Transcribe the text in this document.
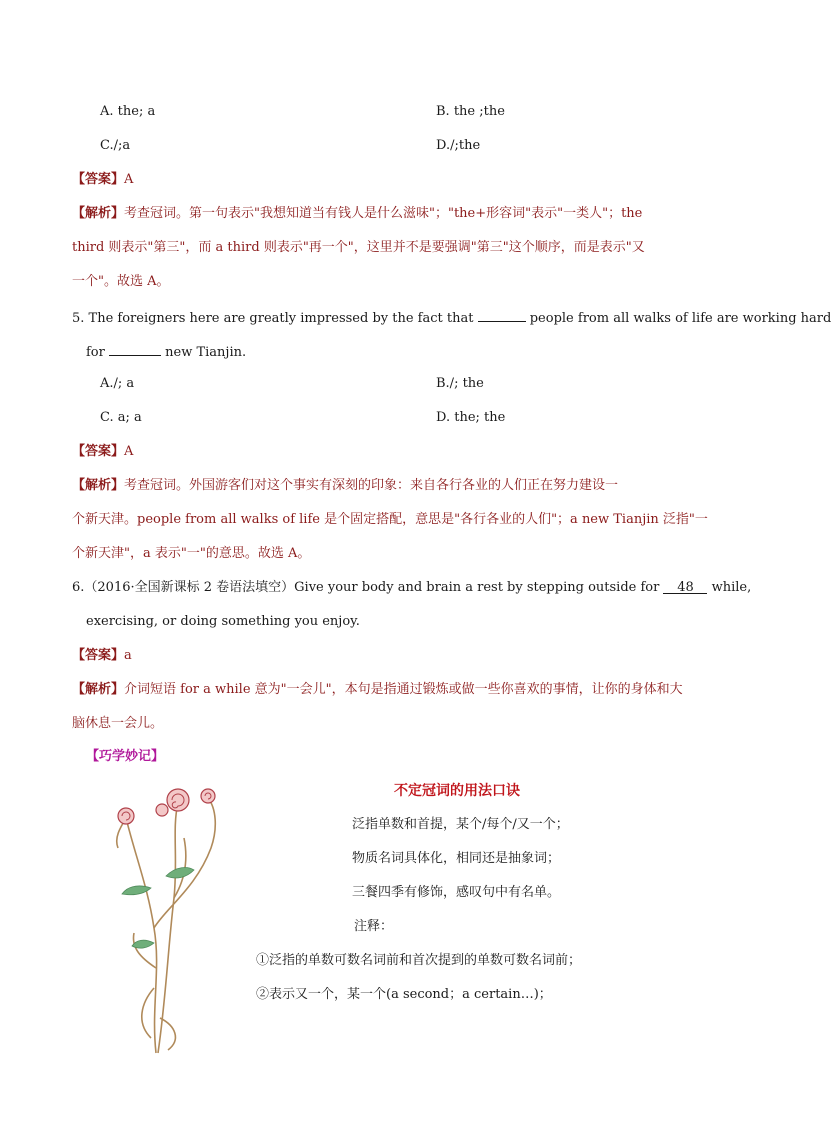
A. the; a	B. the ;the
C./;a	D./;the
【答案】A
【解析】考查冠词。第一句表示"我想知道当有钱人是什么滋味"；"the+形容词"表示"一类人"；the
third 则表示"第三"，而 a third 则表示"再一个"，这里并不是要强调"第三"这个顺序，而是表示"又
一个"。故选 A。
5. The foreigners here are greatly impressed by the fact that	people from all walks of life are working hard
for	new Tianjin.
A./; a	B./; the
C. a; a	D. the; the
【答案】A
【解析】考查冠词。外国游客们对这个事实有深刻的印象：来自各行各业的人们正在努力建设一
个新天津。people from all walks of life 是个固定搭配，意思是"各行各业的人们"；a new Tianjin 泛指"一
个新天津"，a 表示"一"的意思。故选 A。
6.（2016·全国新课标 2 卷语法填空）Give your body and brain a rest by stepping outside for 48 while,
exercising, or doing something you enjoy.
【答案】a
【解析】介词短语 for a while 意为"一会儿"，本句是指通过锻炼或做一些你喜欢的事情，让你的身体和大
脑休息一会儿。
【巧学妙记】
不定冠词的用法口诀
泛指单数和首提，某个/每个/又一个；
物质名词具体化，相同还是抽象词；
三餐四季有修饰，感叹句中有名单。
注释：
①泛指的单数可数名词前和首次提到的单数可数名词前；
②表示又一个，某一个(a second；a certain…)；
